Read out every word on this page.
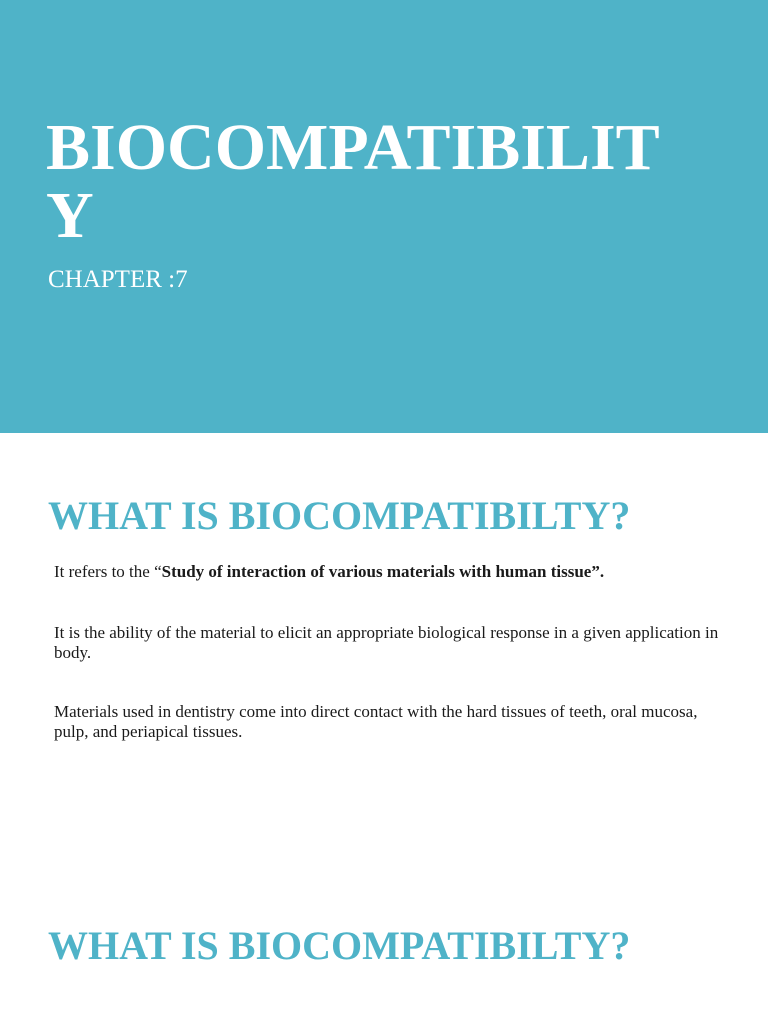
BIOCOMPATIBILITY

CHAPTER :7

WHAT IS BIOCOMPATIBILTY?

It refers to the “Study of interaction of various materials with human tissue”.

It is the ability of the material to elicit an appropriate biological response in a given application in body.

Materials used in dentistry come into direct contact with the hard tissues of teeth, oral mucosa, pulp, and periapical tissues.

WHAT IS BIOCOMPATIBILTY?
